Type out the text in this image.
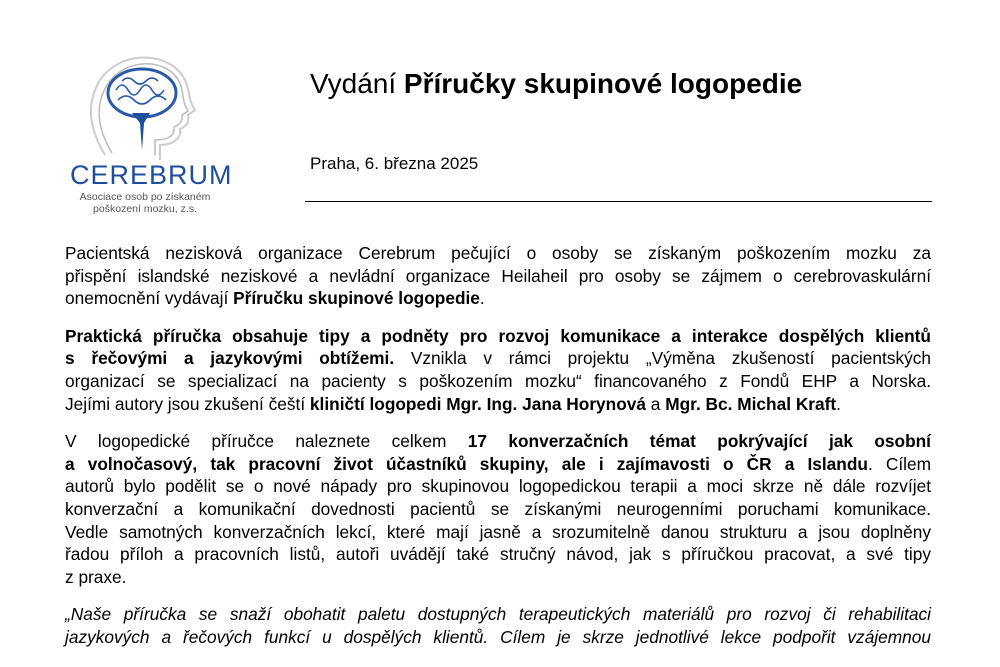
CEREBRUM
Asociace osob po získaném
poškození mozku, z.s.
Vydání Příručky skupinové logopedie
Praha, 6. března 2025
Pacientská nezisková organizace Cerebrum pečující o osoby se získaným poškozením mozku za
přispění islandské neziskové a nevládní organizace Heilaheil pro osoby se zájmem o cerebrovaskulární
onemocnění vydávají Příručku skupinové logopedie.
Praktická příručka obsahuje tipy a podněty pro rozvoj komunikace a interakce dospělých klientů
s řečovými a jazykovými obtížemi. Vznikla v rámci projektu „Výměna zkušeností pacientských
organizací se specializací na pacienty s poškozením mozku“ financovaného z Fondů EHP a Norska.
Jejími autory jsou zkušení čeští kliničtí logopedi Mgr. Ing. Jana Horynová a Mgr. Bc. Michal Kraft.
V logopedické příručce naleznete celkem 17 konverzačních témat pokrývající jak osobní
a volnočasový, tak pracovní život účastníků skupiny, ale i zajímavosti o ČR a Islandu. Cílem
autorů bylo podělit se o nové nápady pro skupinovou logopedickou terapii a moci skrze ně dále rozvíjet
konverzační a komunikační dovednosti pacientů se získanými neurogenními poruchami komunikace.
Vedle samotných konverzačních lekcí, které mají jasně a srozumitelně danou strukturu a jsou doplněny
řadou příloh a pracovních listů, autoři uvádějí také stručný návod, jak s příručkou pracovat, a své tipy
z praxe.
„Naše příručka se snaží obohatit paletu dostupných terapeutických materiálů pro rozvoj či rehabilitaci
jazykových a řečových funkcí u dospělých klientů. Cílem je skrze jednotlivé lekce podpořit vzájemnou
